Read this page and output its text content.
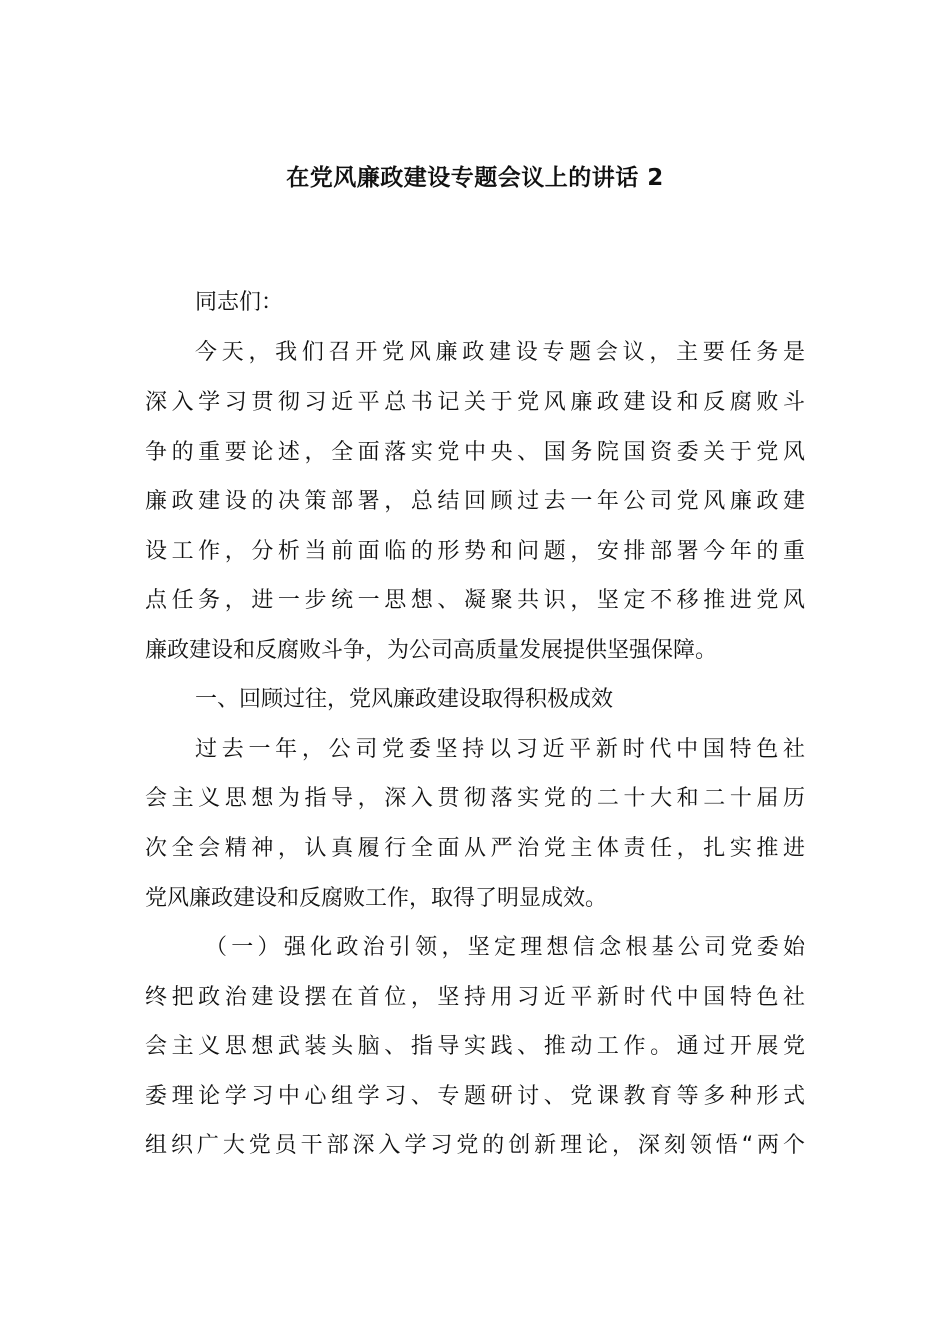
在党风廉政建设专题会议上的讲话 2
同志们：
今天，我们召开党风廉政建设专题会议，主要任务是
深入学习贯彻习近平总书记关于党风廉政建设和反腐败斗
争的重要论述，全面落实党中央、国务院国资委关于党风
廉政建设的决策部署，总结回顾过去一年公司党风廉政建
设工作，分析当前面临的形势和问题，安排部署今年的重
点任务，进一步统一思想、凝聚共识，坚定不移推进党风
廉政建设和反腐败斗争，为公司高质量发展提供坚强保障。
一、回顾过往，党风廉政建设取得积极成效
过去一年，公司党委坚持以习近平新时代中国特色社
会主义思想为指导，深入贯彻落实党的二十大和二十届历
次全会精神，认真履行全面从严治党主体责任，扎实推进
党风廉政建设和反腐败工作，取得了明显成效。
（一）强化政治引领，坚定理想信念根基公司党委始
终把政治建设摆在首位，坚持用习近平新时代中国特色社
会主义思想武装头脑、指导实践、推动工作。通过开展党
委理论学习中心组学习、专题研讨、党课教育等多种形式
组织广大党员干部深入学习党的创新理论，深刻领悟“两个
